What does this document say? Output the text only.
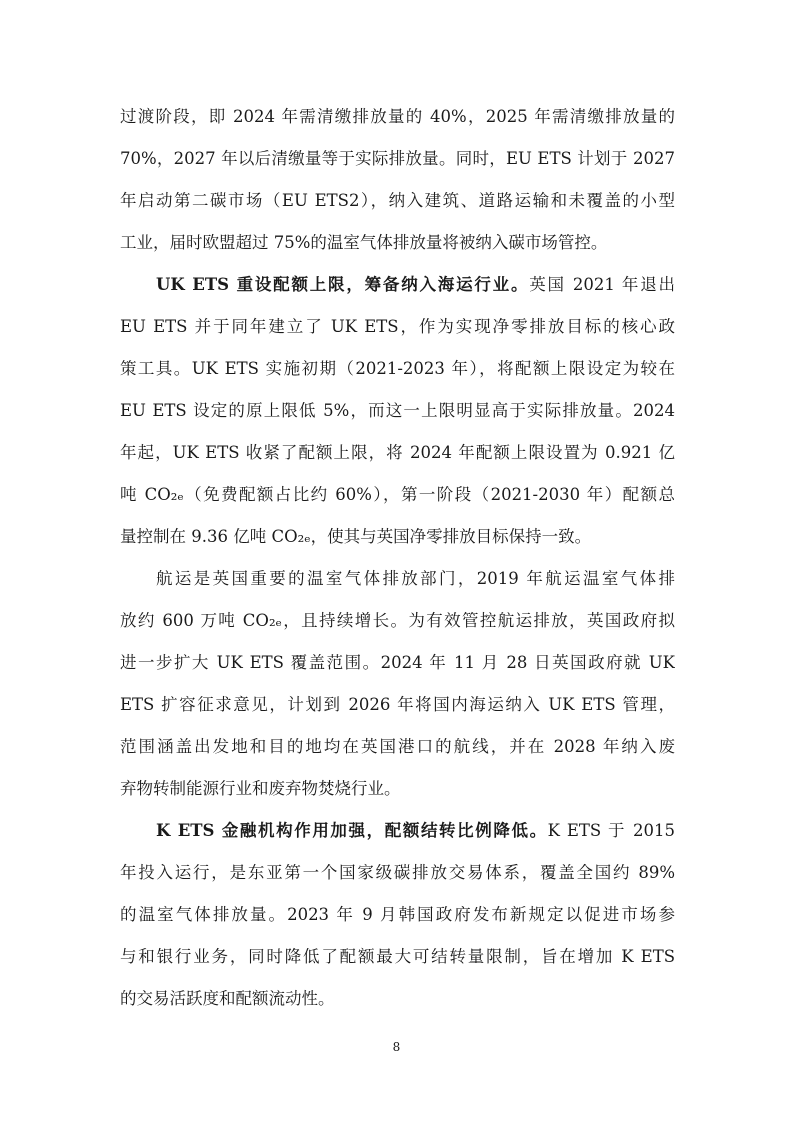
过渡阶段，即 2024 年需清缴排放量的 40%，2025 年需清缴排放量的
70%，2027 年以后清缴量等于实际排放量。同时，EU ETS 计划于 2027
年启动第二碳市场（EU ETS2），纳入建筑、道路运输和未覆盖的小型
工业，届时欧盟超过 75%的温室气体排放量将被纳入碳市场管控。
UK ETS 重设配额上限，筹备纳入海运行业。英国 2021 年退出
EU ETS 并于同年建立了 UK ETS，作为实现净零排放目标的核心政
策工具。UK ETS 实施初期（2021-2023 年），将配额上限设定为较在
EU ETS 设定的原上限低 5%，而这一上限明显高于实际排放量。2024
年起，UK ETS 收紧了配额上限，将 2024 年配额上限设置为 0.921 亿
吨 CO₂ₑ（免费配额占比约 60%），第一阶段（2021-2030 年）配额总
量控制在 9.36 亿吨 CO₂ₑ，使其与英国净零排放目标保持一致。
航运是英国重要的温室气体排放部门，2019 年航运温室气体排
放约 600 万吨 CO₂ₑ，且持续增长。为有效管控航运排放，英国政府拟
进一步扩大 UK ETS 覆盖范围。2024 年 11 月 28 日英国政府就 UK
ETS 扩容征求意见，计划到 2026 年将国内海运纳入 UK ETS 管理，
范围涵盖出发地和目的地均在英国港口的航线，并在 2028 年纳入废
弃物转制能源行业和废弃物焚烧行业。
K ETS 金融机构作用加强，配额结转比例降低。K ETS 于 2015
年投入运行，是东亚第一个国家级碳排放交易体系，覆盖全国约 89%
的温室气体排放量。2023 年 9 月韩国政府发布新规定以促进市场参
与和银行业务，同时降低了配额最大可结转量限制，旨在增加 K ETS
的交易活跃度和配额流动性。
8
